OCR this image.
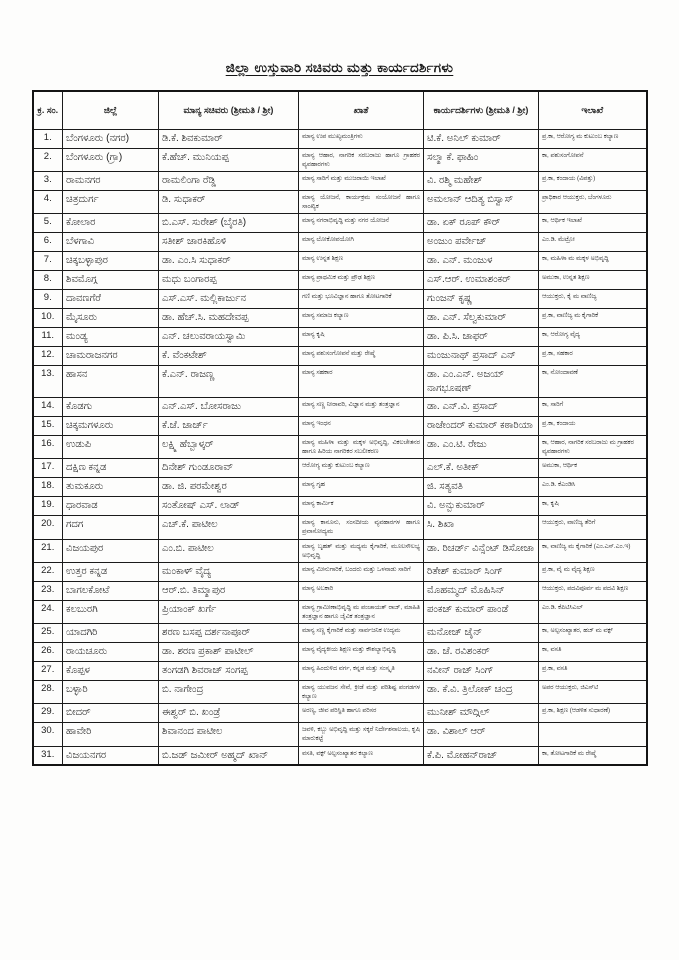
ಜಿಲ್ಲಾ ಉಸ್ತುವಾರಿ ಸಚಿವರು ಮತ್ತು ಕಾರ್ಯದರ್ಶಿಗಳು
ಕ್ರ. ಸಂ.	ಜಿಲ್ಲೆ	ಮಾನ್ಯ ಸಚಿವರು (ಶ್ರೀಮತಿ / ಶ್ರೀ)	ಖಾತೆ	ಕಾರ್ಯದರ್ಶಿಗಳು (ಶ್ರೀಮತಿ / ಶ್ರೀ)	ಇಲಾಖೆ
1.	ಬೆಂಗಳೂರು (ನಗರ)	ಡಿ.ಕೆ. ಶಿವಕುಮಾರ್	ಮಾನ್ಯ ಉಪ ಮುಖ್ಯಮಂತ್ರಿಗಳು	ಟಿ.ಕೆ. ಅನಿಲ್ ಕುಮಾರ್	ಪ್ರ.ಕಾ, ಆರೋಗ್ಯ ಮ ಕುಟುಂಬ ಕಲ್ಯಾಣ
2.	ಬೆಂಗಳೂರು (ಗ್ರಾ)	ಕೆ.ಹೆಚ್. ಮುನಿಯಪ್ಪ	ಮಾನ್ಯ ಆಹಾರ, ನಾಗರಿಕ ಸರಬರಾಜು ಹಾಗೂ ಗ್ರಾಹಕರ ವ್ಯವಹಾರಗಳು	ಸಲ್ಮಾ ಕೆ. ಫಾಹಿಂ	ಕಾ, ಪಶುಸಂಗೋಪನೆ
3.	ರಾಮನಗರ	ರಾಮಲಿಂಗಾ ರೆಡ್ಡಿ	ಮಾನ್ಯ ಸಾರಿಗೆ ಮತ್ತು ಮುಜರಾಯಿ ಇಲಾಖೆ	ವಿ. ರಶ್ಮಿ ಮಹೇಶ್	ಪ್ರ.ಕಾ, ಕಂದಾಯ (ವಿಪತ್ತು)
4.	ಚಿತ್ರದುರ್ಗ	ಡಿ. ಸುಧಾಕರ್	ಮಾನ್ಯ ಯೋಜನೆ, ಕಾರ್ಯಕ್ರಮ ಸಂಯೋಜನೆ ಹಾಗೂ ಸಾಂಖ್ಯಿಕ	ಅಮಲಾನ್ ಆದಿತ್ಯ ಬಿಸ್ವಾಸ್	ಪ್ರಾಧಿಕಾರ ಆಯುಕ್ತರು, ಬೆಂಗಳೂರು
5.	ಕೋಲಾರ	ಬಿ.ಎಸ್. ಸುರೇಶ್ (ಬೈರತಿ)	ಮಾನ್ಯ ನಗರಾಭಿವೃದ್ಧಿ ಮತ್ತು ನಗರ ಯೋಜನೆ	ಡಾ. ಏಕ್ ರೂಪ್ ಕೌರ್	ಕಾ, ಆರ್ಥಿಕ ಇಲಾಖೆ
6.	ಬೆಳಗಾವಿ	ಸತೀಶ್ ಜಾರಕಿಹೊಳಿ	ಮಾನ್ಯ ಲೋಕೋಪಯೋಗಿ	ಅಂಜುಂ ಪರ್ವೇಜ್	ಎಂ.ಡಿ. ಮೆಟ್ರೋ
7.	ಚಿಕ್ಕಬಳ್ಳಾಪುರ	ಡಾ. ಎಂ.ಸಿ ಸುಧಾಕರ್	ಮಾನ್ಯ ಉನ್ನತ ಶಿಕ್ಷಣ	ಡಾ. ಎನ್. ಮಂಜುಳ	ಕಾ, ಮಹಿಳಾ ಮ ಮಕ್ಕಳ ಅಭಿವೃದ್ಧಿ
8.	ಶಿವಮೊಗ್ಗ	ಮಧು ಬಂಗಾರಪ್ಪ	ಮಾನ್ಯ ಪ್ರಾಥಮಿಕ ಮತ್ತು ಪ್ರೌಢ ಶಿಕ್ಷಣ	ಎಸ್.ಆರ್. ಉಮಾಶಂಕರ್	ಅಮುಕಾ, ಉನ್ನತ ಶಿಕ್ಷಣ
9.	ದಾವಣಗೆರೆ	ಎಸ್.ಎಸ್. ಮಲ್ಲಿಕಾರ್ಜುನ	ಗಣಿ ಮತ್ತು ಭೂವಿಜ್ಞಾನ ಹಾಗೂ ತೋಟಗಾರಿಕೆ	ಗುಂಜನ್ ಕೃಷ್ಣ	ಆಯುಕ್ತರು, ಕೈ ಮ ವಾಣಿಜ್ಯ
10.	ಮೈಸೂರು	ಡಾ. ಹೆಚ್.ಸಿ. ಮಹದೇವಪ್ಪ	ಮಾನ್ಯ ಸಮಾಜ ಕಲ್ಯಾಣ	ಡಾ. ಎನ್. ಸೆಲ್ವಕುಮಾರ್	ಪ್ರ.ಕಾ, ವಾಣಿಜ್ಯ ಮ ಕೈಗಾರಿಕೆ
11.	ಮಂಡ್ಯ	ಎನ್. ಚಲುವರಾಯಸ್ವಾಮಿ	ಮಾನ್ಯ ಕೃಷಿ	ಡಾ. ಪಿ.ಸಿ. ಜಾಫರ್	ಕಾ, ಆರೋಗ್ಯ ವೈದ್ಯ
12.	ಚಾಮರಾಜನಗರ	ಕೆ. ವೆಂಕಟೇಶ್	ಮಾನ್ಯ ಪಶುಸಂಗೋಪನೆ ಮತ್ತು ರೇಷ್ಮೆ	ಮಂಜುನಾಥ್ ಪ್ರಸಾದ್ ಎನ್	ಪ್ರ.ಕಾ, ಸಹಕಾರ
13.	ಹಾಸನ	ಕೆ.ಎನ್. ರಾಜಣ್ಣ	ಮಾನ್ಯ ಸಹಕಾರ	ಡಾ. ಎಂ.ಎನ್. ಅಜಯ್ ನಾಗಭೂಷಣ್	ಕಾ, ನೋಂದಾವಣೆ
14.	ಕೊಡಗು	ಎನ್.ಎಸ್. ಬೋಸರಾಜು	ಮಾನ್ಯ ಸಣ್ಣ ನೀರಾವರಿ, ವಿಜ್ಞಾನ ಮತ್ತು ತಂತ್ರಜ್ಞಾನ	ಡಾ. ಎನ್.ವಿ. ಪ್ರಸಾದ್	ಕಾ, ಸಾರಿಗೆ
15.	ಚಿಕ್ಕಮಗಳೂರು	ಕೆ.ಜೆ. ಜಾರ್ಜ್	ಮಾನ್ಯ ಇಂಧನ	ರಾಜೇಂದರ್ ಕುಮಾರ್ ಕಠಾರಿಯಾ	ಪ್ರ.ಕಾ, ಕಂದಾಯ
16.	ಉಡುಪಿ	ಲಕ್ಷ್ಮಿ ಹೆಬ್ಬಾಳ್ಕರ್	ಮಾನ್ಯ ಮಹಿಳಾ ಮತ್ತು ಮಕ್ಕಳ ಅಭಿವೃದ್ಧಿ, ವಿಕಲಚೇತನರ ಹಾಗೂ ಹಿರಿಯ ನಾಗರಿಕರ ಸಬಲೀಕರಣ	ಡಾ. ಎಂ.ಟಿ. ರೇಜು	ಕಾ, ಆಹಾರ, ನಾಗರಿಕ ಸರಬರಾಜು ಮ ಗ್ರಾಹಕರ ವ್ಯವಹಾರಗಳು
17.	ದಕ್ಷಿಣ ಕನ್ನಡ	ದಿನೇಶ್ ಗುಂಡೂರಾವ್	ಆರೋಗ್ಯ ಮತ್ತು ಕುಟುಂಬ ಕಲ್ಯಾಣ	ಎಲ್.ಕೆ. ಅತೀಕ್	ಅಮುಕಾ, ಆರ್ಥಿಕ
18.	ತುಮಕೂರು	ಡಾ. ಜಿ. ಪರಮೇಶ್ವರ	ಮಾನ್ಯ ಗೃಹ	ಜಿ. ಸತ್ಯವತಿ	ಎಂ.ಡಿ. ಕೆಎಂಡಿಸಿ
19.	ಧಾರವಾಡ	ಸಂತೋಷ್ ಎಸ್. ಲಾಡ್	ಮಾನ್ಯ ಕಾರ್ಮಿಕ	ವಿ. ಅನ್ಬುಕುಮಾರ್	ಕಾ, ಕೃಷಿ
20.	ಗದಗ	ಎಚ್.ಕೆ. ಪಾಟೀಲ	ಮಾನ್ಯ ಕಾನೂನು, ಸಂಸದೀಯ ವ್ಯವಹಾರಗಳ ಹಾಗೂ ಪ್ರವಾಸೋದ್ಯಮ	ಸಿ. ಶಿಖಾ	ಆಯುಕ್ತರು, ವಾಣಿಜ್ಯ ತೆರಿಗೆ
21.	ವಿಜಯಪುರ	ಎಂ.ಬಿ. ಪಾಟೀಲ	ಮಾನ್ಯ ಬೃಹತ್ ಮತ್ತು ಮಧ್ಯಮ ಕೈಗಾರಿಕೆ, ಮೂಲಸೌಲಭ್ಯ ಅಭಿವೃದ್ಧಿ	ಡಾ. ರಿಚರ್ಡ್ ವಿನ್ಸೆಂಟ್ ಡಿಸೋಜಾ	ಕಾ, ವಾಣಿಜ್ಯ ಮ ಕೈಗಾರಿಕೆ (ಎಂ.ಎಸ್.ಎಂ.ಇ)
22.	ಉತ್ತರ ಕನ್ನಡ	ಮಂಕಾಳ್ ವೈದ್ಯ	ಮಾನ್ಯ ಮೀನುಗಾರಿಕೆ, ಬಂದರು ಮತ್ತು ಒಳನಾಡು ಸಾರಿಗೆ	ರಿತೇಶ್ ಕುಮಾರ್ ಸಿಂಗ್	ಪ್ರ.ಕಾ, ವೈ ಮ ವೈದ್ಯ ಶಿಕ್ಷಣ
23.	ಬಾಗಲಕೋಟೆ	ಆರ್.ಬಿ. ತಿಮ್ಮಾಪುರ	ಮಾನ್ಯ ಅಬಕಾರಿ	ಮೊಹಮ್ಮದ್ ಮೊಹಿಸಿನ್	ಆಯುಕ್ತರು, ಪದವಿಪೂರ್ವ ಮ ಪದವಿ ಶಿಕ್ಷಣ
24.	ಕಲಬುರಗಿ	ಪ್ರಿಯಾಂಕ್ ಖರ್ಗೆ	ಮಾನ್ಯ ಗ್ರಾಮೀಣಾಭಿವೃದ್ಧಿ ಮ ಪಂಚಾಯತ್ ರಾಜ್, ಮಾಹಿತಿ ತಂತ್ರಜ್ಞಾನ ಹಾಗೂ ಜೈವಿಕ ತಂತ್ರಜ್ಞಾನ	ಪಂಕಜ್ ಕುಮಾರ್ ಪಾಂಡೆ	ಎಂ.ಡಿ. ಕೆಪಿಟಿಸಿಎಲ್
25.	ಯಾದಗಿರಿ	ಶರಣ ಬಸಪ್ಪ ದರ್ಶನಾಪೂರ್	ಮಾನ್ಯ ಸಣ್ಣ ಕೈಗಾರಿಕೆ ಮತ್ತು ಸಾರ್ವಜನಿಕ ಉದ್ಯಮ	ಮನೋಜ್ ಜೈನ್	ಕಾ, ಅಲ್ಪಸಂಖ್ಯಾತರ, ಹಜ್ ಮ ವಕ್ಫ್
26.	ರಾಯಚೂರು	ಡಾ. ಶರಣ ಪ್ರಕಾಶ್ ಪಾಟೀಲ್	ಮಾನ್ಯ ವೈದ್ಯಕೀಯ ಶಿಕ್ಷಣ ಮತ್ತು ಕೌಶಲ್ಯಾಭಿವೃದ್ಧಿ	ಡಾ. ಜೆ. ರವಿಶಂಕರ್	ಕಾ, ವಸತಿ
27.	ಕೊಪ್ಪಳ	ತಂಗಡಗಿ ಶಿವರಾಜ್ ಸಂಗಪ್ಪ	ಮಾನ್ಯ ಹಿಂದುಳಿದ ವರ್ಗ, ಕನ್ನಡ ಮತ್ತು ಸಂಸ್ಕೃತಿ	ನವೀನ್ ರಾಜ್ ಸಿಂಗ್	ಪ್ರ.ಕಾ, ವಸತಿ
28.	ಬಳ್ಳಾರಿ	ಬಿ. ನಾಗೇಂದ್ರ	ಮಾನ್ಯ ಯುವಜನ ಸೇವೆ, ಕ್ರೀಡೆ ಮತ್ತು ಪರಿಶಿಷ್ಟ ಪಂಗಡಗಳ ಕಲ್ಯಾಣ	ಡಾ. ಕೆ.ವಿ. ತ್ರಿಲೋಕ್ ಚಂದ್ರ	ಅಪರ ಆಯುಕ್ತರು, ಜಿಎಸ್‌ಟಿ
29.	ಬೀದರ್	ಈಶ್ವರ್ ಬಿ. ಖಂಡ್ರೆ	ಅರಣ್ಯ, ಜೀವ ಪರಿಸ್ಥಿತಿ ಹಾಗೂ ಪರಿಸರ	ಮುನೀಶ್ ಮೌದ್ಗಿಲ್	ಪ್ರ.ಕಾ, ಶಿಕ್ಷಣ (ಆಡಳಿತ ಸುಧಾರಣೆ)
30.	ಹಾವೇರಿ	ಶಿವಾನಂದ ಪಾಟೀಲ	ಜವಳಿ, ಕಬ್ಬು ಅಭಿವೃದ್ಧಿ ಮತ್ತು ಸಕ್ಕರೆ ನಿರ್ದೇಶನಾಲಯ, ಕೃಷಿ ಮಾರುಕಟ್ಟೆ	ಡಾ. ವಿಶಾಲ್ ಆರ್	
31.	ವಿಜಯನಗರ	ಬಿ.ಜಡ್ ಜಮೀರ್ ಅಹ್ಮದ್ ಖಾನ್	ವಸತಿ, ವಕ್ಫ್ ಅಲ್ಪಸಂಖ್ಯಾತರ ಕಲ್ಯಾಣ	ಕೆ.ಪಿ. ಮೋಹನ್‌ರಾಜ್	ಕಾ, ತೋಟಗಾರಿಕೆ ಮ ರೇಷ್ಮೆ
